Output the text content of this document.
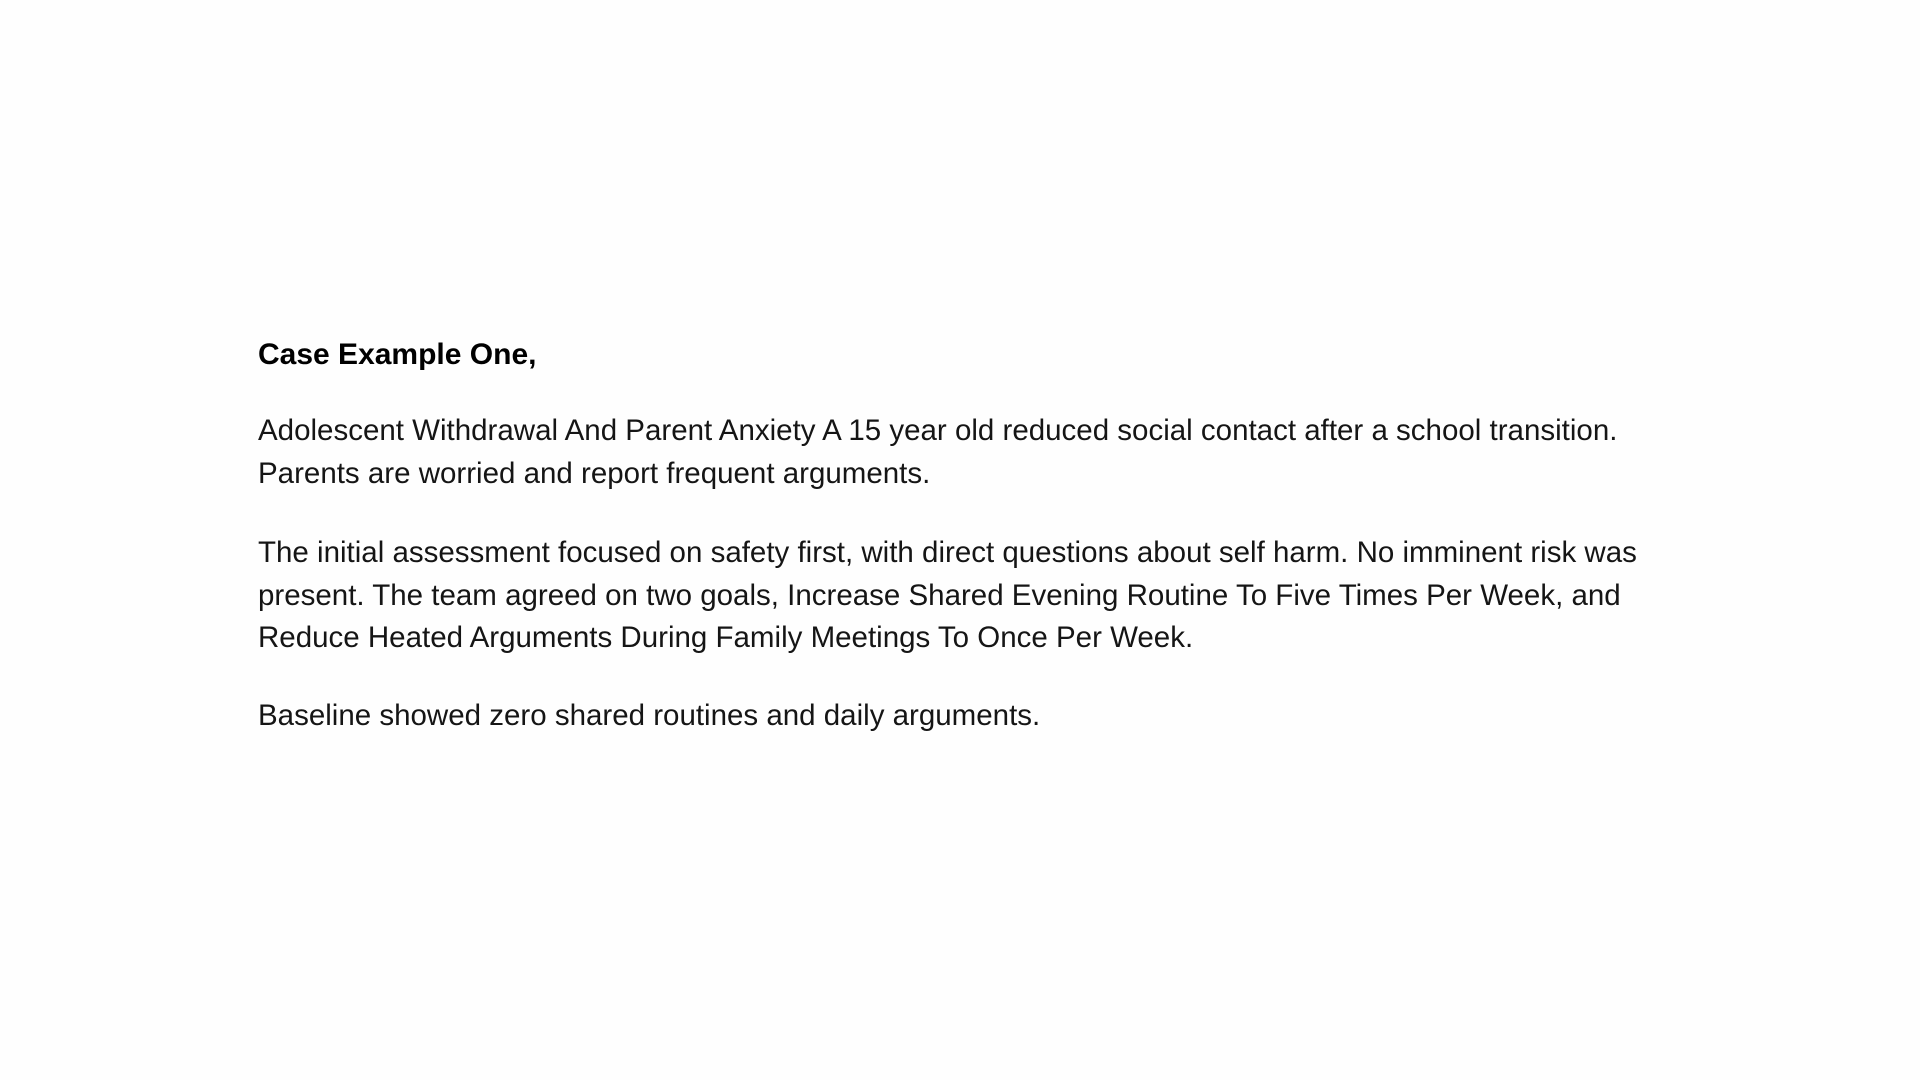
Case Example One,

Adolescent Withdrawal And Parent Anxiety A 15 year old reduced social contact after a school transition. Parents are worried and report frequent arguments.

The initial assessment focused on safety first, with direct questions about self harm. No imminent risk was present. The team agreed on two goals, Increase Shared Evening Routine To Five Times Per Week, and Reduce Heated Arguments During Family Meetings To Once Per Week.

Baseline showed zero shared routines and daily arguments.
